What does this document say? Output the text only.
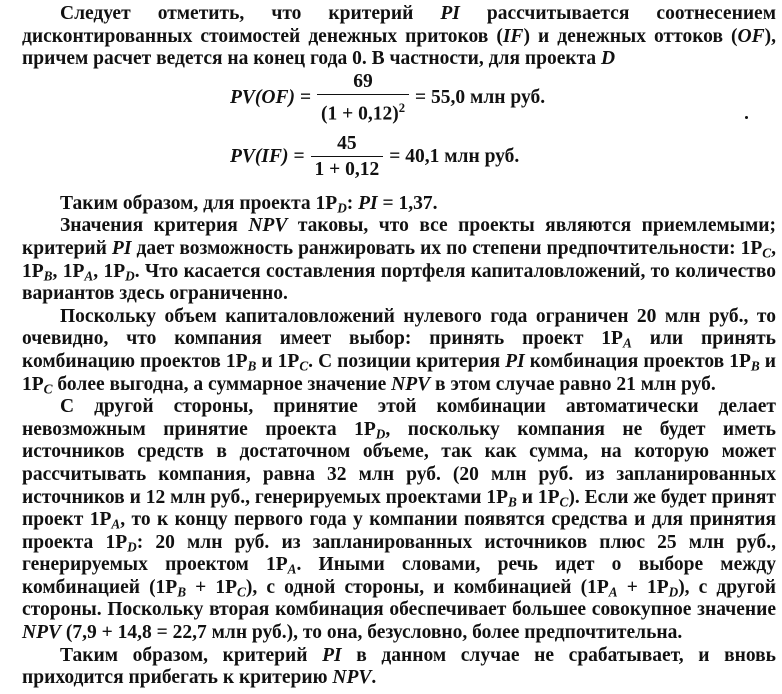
Следует отметить, что критерий PI рассчитывается соотнесением дисконтированных стоимостей денежных притоков (IF) и денежных оттоков (OF), причем расчет ведется на конец года 0. В частности, для проекта D

$PV(OF) = \frac{69}{(1 + 0,12)^2} = 55,0$ млн руб.
$PV(IF) = \frac{45}{1 + 0,12} = 40,1$ млн руб.

Таким образом, для проекта $1P_D$: PI = 1,37.

Значения критерия NPV таковы, что все проекты являются приемлемыми; критерий PI дает возможность ранжировать их по степени предпочтительности: $1P_C$, $1P_B$, $1P_A$, $1P_D$. Что касается составления портфеля капиталовложений, то количество вариантов здесь ограниченно.

Поскольку объем капиталовложений нулевого года ограничен 20 млн руб., то очевидно, что компания имеет выбор: принять проект $1P_A$ или принять комбинацию проектов $1P_B$ и $1P_C$. С позиции критерия PI комбинация проектов $1P_B$ и $1P_C$ более выгодна, а суммарное значение NPV в этом случае равно 21 млн руб.

С другой стороны, принятие этой комбинации автоматически делает невозможным принятие проекта $1P_D$, поскольку компания не будет иметь источников средств в достаточном объеме, так как сумма, на которую может рассчитывать компания, равна 32 млн руб. (20 млн руб. из запланированных источников и 12 млн руб., генерируемых проектами $1P_B$ и $1P_C$). Если же будет принят проект $1P_A$, то к концу первого года у компании появятся средства и для принятия проекта $1P_D$: 20 млн руб. из запланированных источников плюс 25 млн руб., генерируемых проектом $1P_A$. Иными словами, речь идет о выборе между комбинацией $(1P_B + 1P_C)$, с одной стороны, и комбинацией $(1P_A + 1P_D)$, с другой стороны. Поскольку вторая комбинация обеспечивает большее совокупное значение NPV (7,9 + 14,8 = 22,7 млн руб.), то она, безусловно, более предпочтительна.

Таким образом, критерий PI в данном случае не срабатывает, и вновь приходится прибегать к критерию NPV.
